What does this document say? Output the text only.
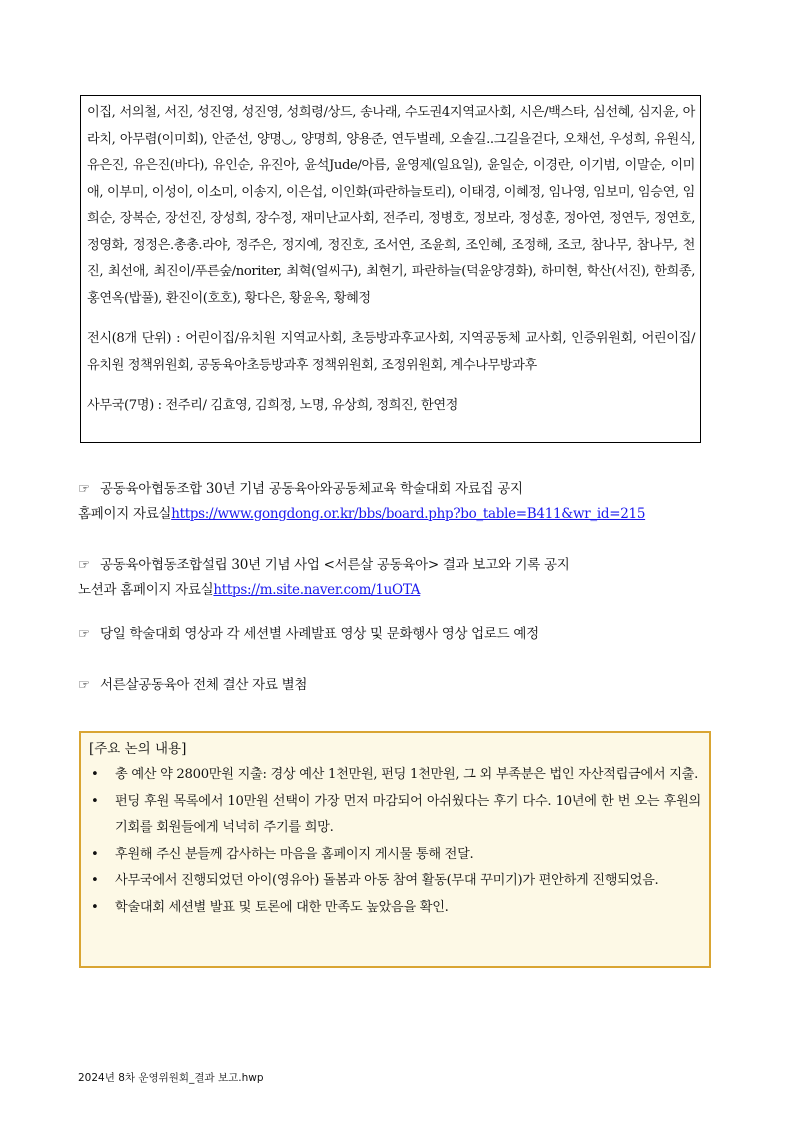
이집, 서의철, 서진, 성진영, 성진영, 성희령/상드, 송나래, 수도권4지역교사회, 시은/백스타, 심선혜, 심지윤, 아라치, 아무렴(이미회), 안준선, 양명◡, 양명희, 양용준, 연두벌레, 오솔길..그길을걷다, 오채선, 우성희, 유원식, 유은진, 유은진(바다), 유인순, 유진아, 윤석Jude/아름, 윤영제(일요일), 윤일순, 이경란, 이기범, 이말순, 이미애, 이부미, 이성이, 이소미, 이송지, 이은섭, 이인화(파란하늘토리), 이태경, 이혜정, 임나영, 임보미, 임승연, 임희순, 장복순, 장선진, 장성희, 장수정, 재미난교사회, 전주리, 정병호, 정보라, 정성훈, 정아연, 정연두, 정연호, 정영화, 정정은.총총.라야, 정주은, 정지예, 정진호, 조서연, 조윤희, 조인혜, 조정해, 조코, 참나무, 참나무, 천진, 최선애, 최진이/푸른숲/noriter, 최혁(얼씨구), 최현기, 파란하늘(덕윤양경화), 하미현, 학산(서진), 한희종, 홍연옥(밥풀), 환진이(호호), 황다은, 황윤옥, 황혜정

전시(8개 단위) : 어린이집/유치원 지역교사회, 초등방과후교사회, 지역공동체 교사회, 인증위원회, 어린이집/유치원 정책위원회, 공동육아초등방과후 정책위원회, 조정위원회, 계수나무방과후

사무국(7명) : 전주리/ 김효영, 김희정, 노명, 유상희, 정희진, 한연정

☞ 공동육아협동조합 30년 기념 공동육아와공동체교육 학술대회 자료집 공지
홈페이지 자료실https://www.gongdong.or.kr/bbs/board.php?bo_table=B411&wr_id=215
☞ 공동육아협동조합설립 30년 기념 사업 <서른살 공동육아> 결과 보고와 기록 공지
노션과 홈페이지 자료실https://m.site.naver.com/1uOTA
☞ 당일 학술대회 영상과 각 세션별 사례발표 영상 및 문화행사 영상 업로드 예정
☞ 서른살공동육아 전체 결산 자료 별첨
[주요 논의 내용]
• 총 예산 약 2800만원 지출: 경상 예산 1천만원, 펀딩 1천만원, 그 외 부족분은 법인 자산적립금에서 지출.
• 펀딩 후원 목록에서 10만원 선택이 가장 먼저 마감되어 아쉬웠다는 후기 다수. 10년에 한 번 오는 후원의 기회를 회원들에게 넉넉히 주기를 희망.
• 후원해 주신 분들께 감사하는 마음을 홈페이지 게시물 통해 전달.
• 사무국에서 진행되었던 아이(영유아) 돌봄과 아동 참여 활동(무대 꾸미기)가 편안하게 진행되었음.
• 학술대회 세션별 발표 및 토론에 대한 만족도 높았음을 확인.
2024년 8차 운영위원회_결과 보고.hwp
